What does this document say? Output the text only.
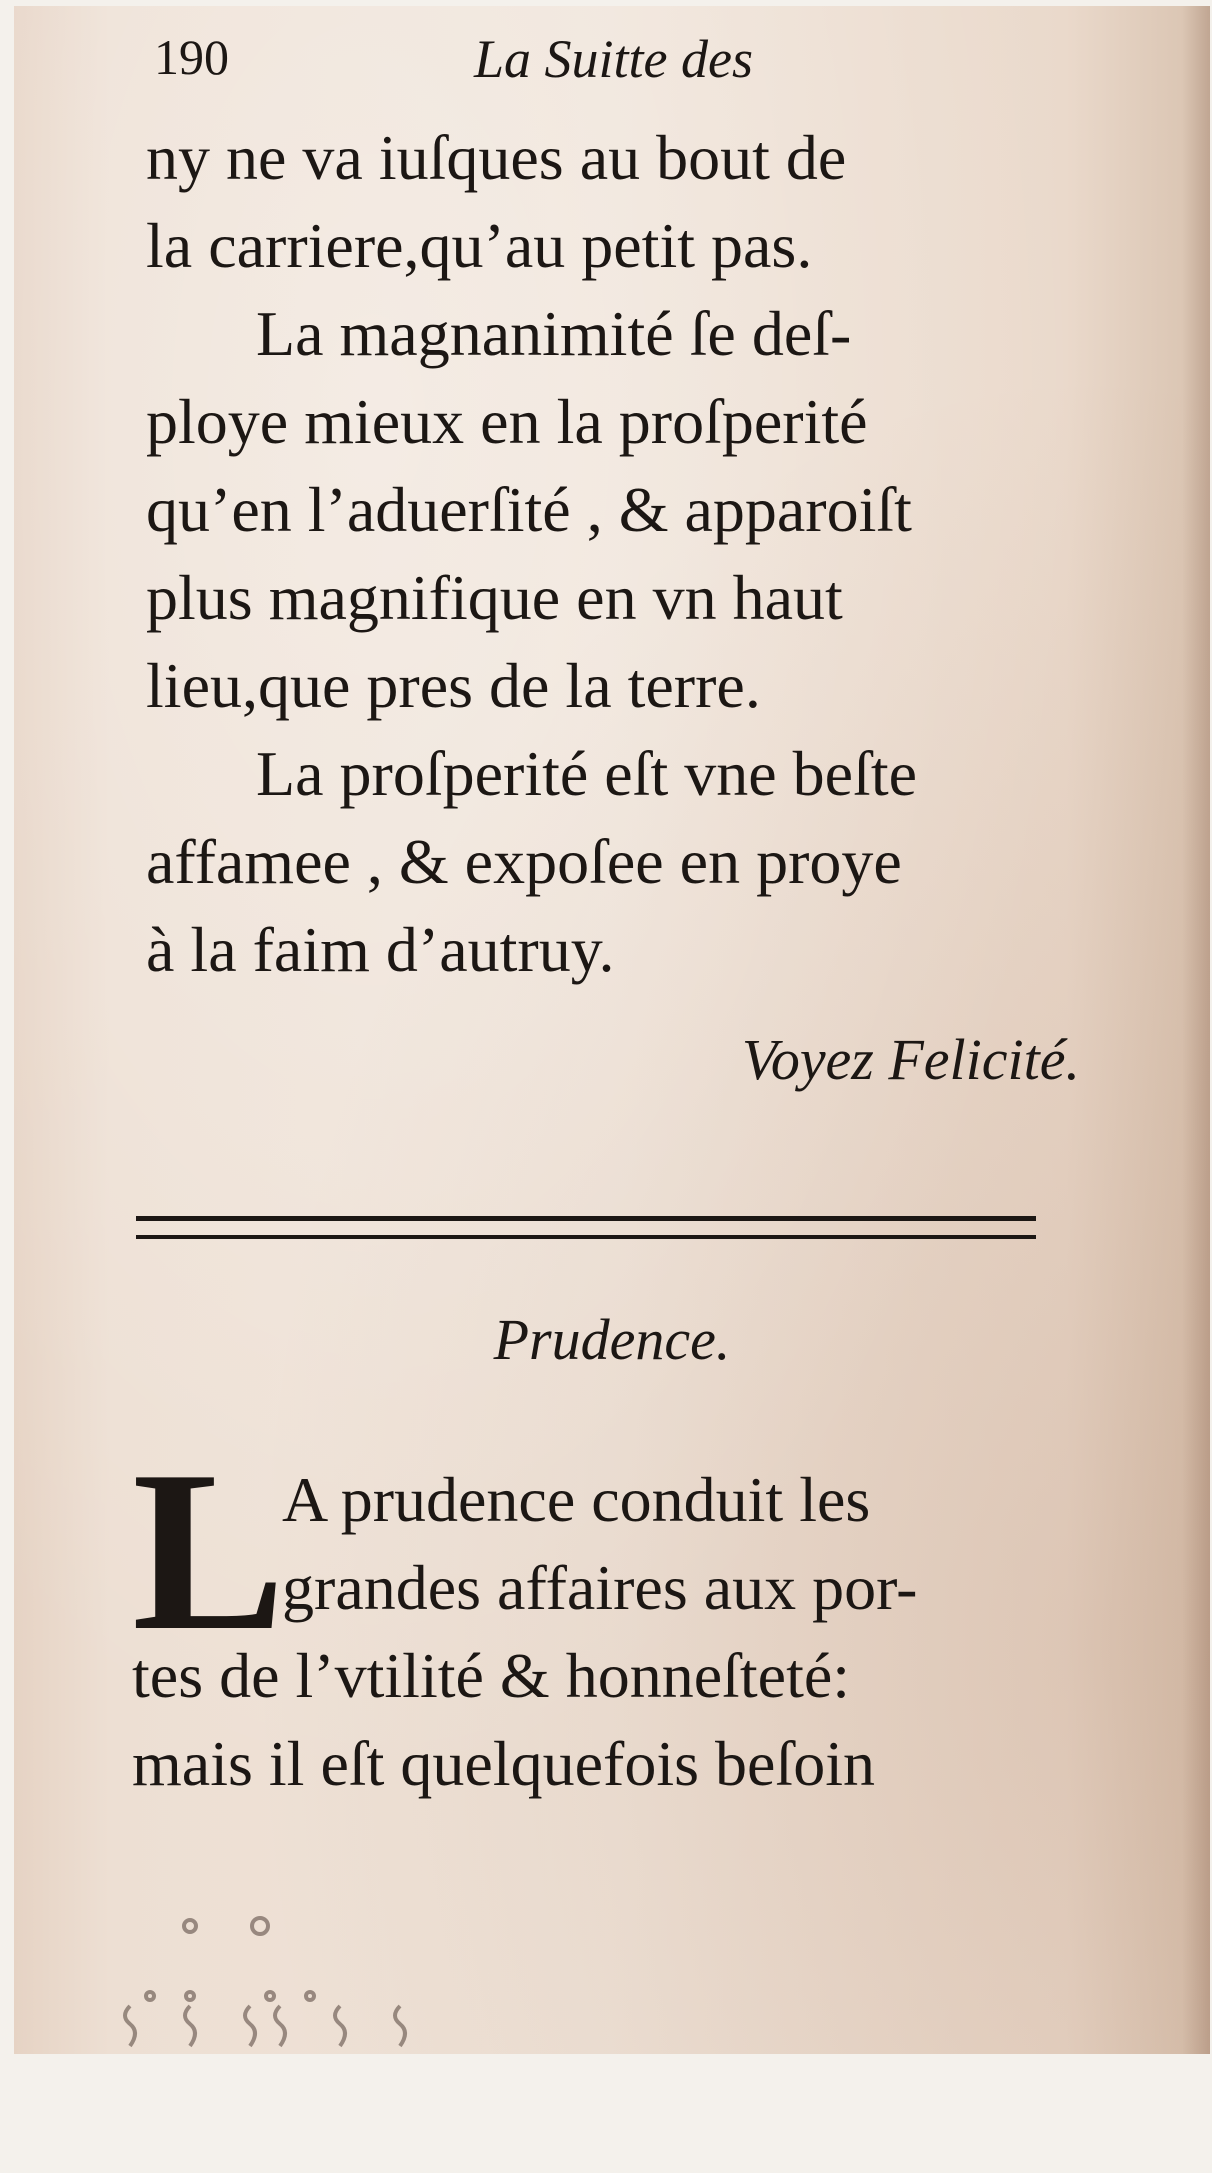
190	La Suitte des
ny ne va iuſques au bout de
la carriere,qu’au petit pas.
La magnanimité ſe deſ-
ploye mieux en la proſperité
qu’en l’aduerſité , & apparoiſt
plus magnifique en vn haut
lieu,que pres de la terre.
La proſperité eſt vne beſte
affamee , & expoſee en proye
à la faim d’autruy.
Voyez Felicité.
Prudence.
L
A prudence conduit les
grandes affaires aux por-
tes de l’vtilité & honneſteté:
mais il eſt quelquefois beſoin
